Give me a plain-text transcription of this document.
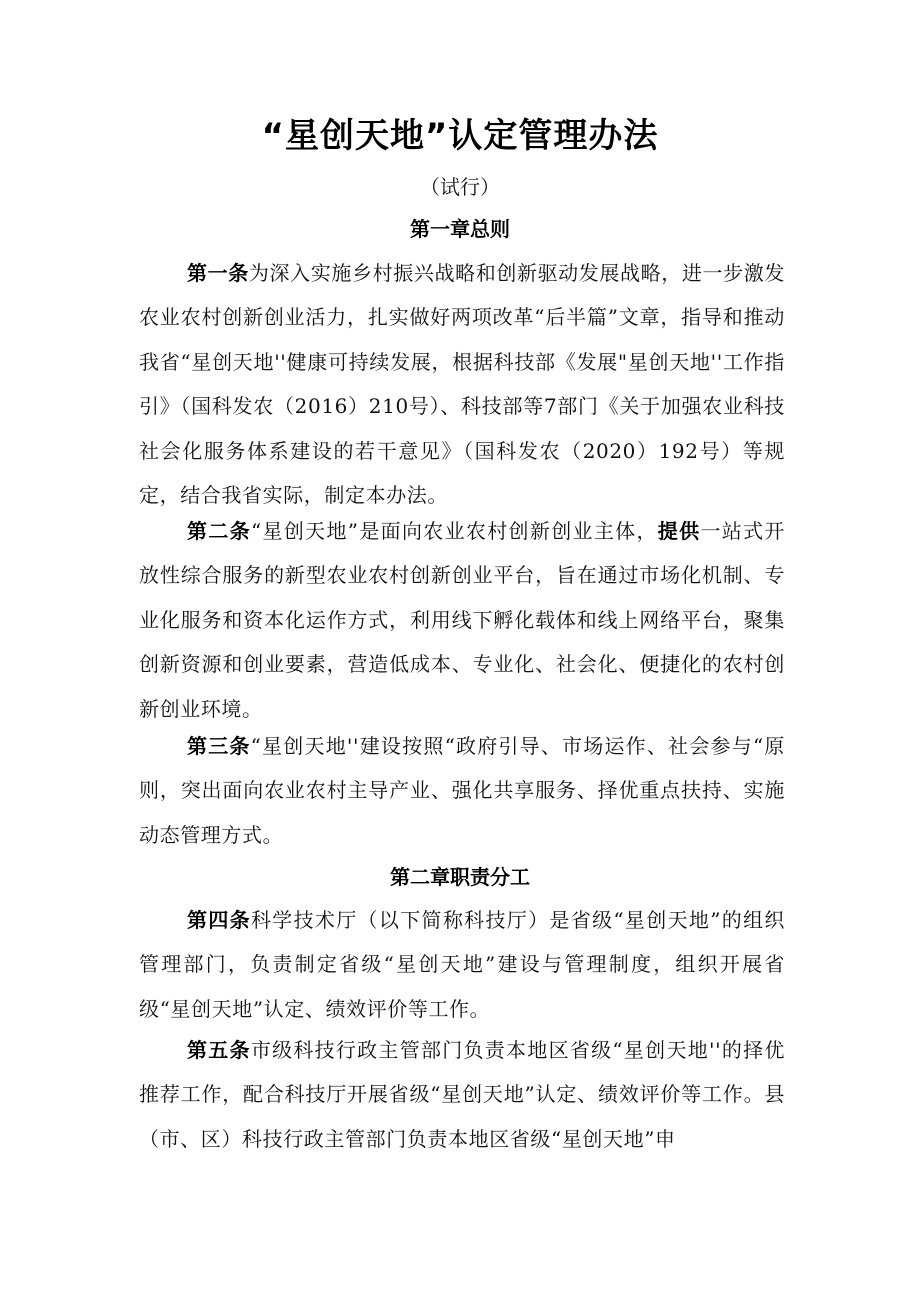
“星创天地”认定管理办法
（试行）
第一章总则
第一条为深入实施乡村振兴战略和创新驱动发展战略，进一步激发农业农村创新创业活力，扎实做好两项改革“后半篇”文章，指导和推动我省“星创天地''健康可持续发展，根据科技部《发展"星创天地''工作指引》（国科发农（2016）210号）、科技部等7部门《关于加强农业科技社会化服务体系建设的若干意见》（国科发农（2020）192号）等规定，结合我省实际，制定本办法。
第二条“星创天地”是面向农业农村创新创业主体，提供一站式开放性综合服务的新型农业农村创新创业平台，旨在通过市场化机制、专业化服务和资本化运作方式，利用线下孵化载体和线上网络平台，聚集创新资源和创业要素，营造低成本、专业化、社会化、便捷化的农村创新创业环境。
第三条“星创天地''建设按照“政府引导、市场运作、社会参与“原则，突出面向农业农村主导产业、强化共享服务、择优重点扶持、实施动态管理方式。
第二章职责分工
第四条科学技术厅（以下简称科技厅）是省级“星创天地”的组织管理部门，负责制定省级“星创天地”建设与管理制度，组织开展省级“星创天地”认定、绩效评价等工作。
第五条市级科技行政主管部门负责本地区省级“星创天地''的择优推荐工作，配合科技厅开展省级“星创天地”认定、绩效评价等工作。县（市、区）科技行政主管部门负责本地区省级“星创天地”申
